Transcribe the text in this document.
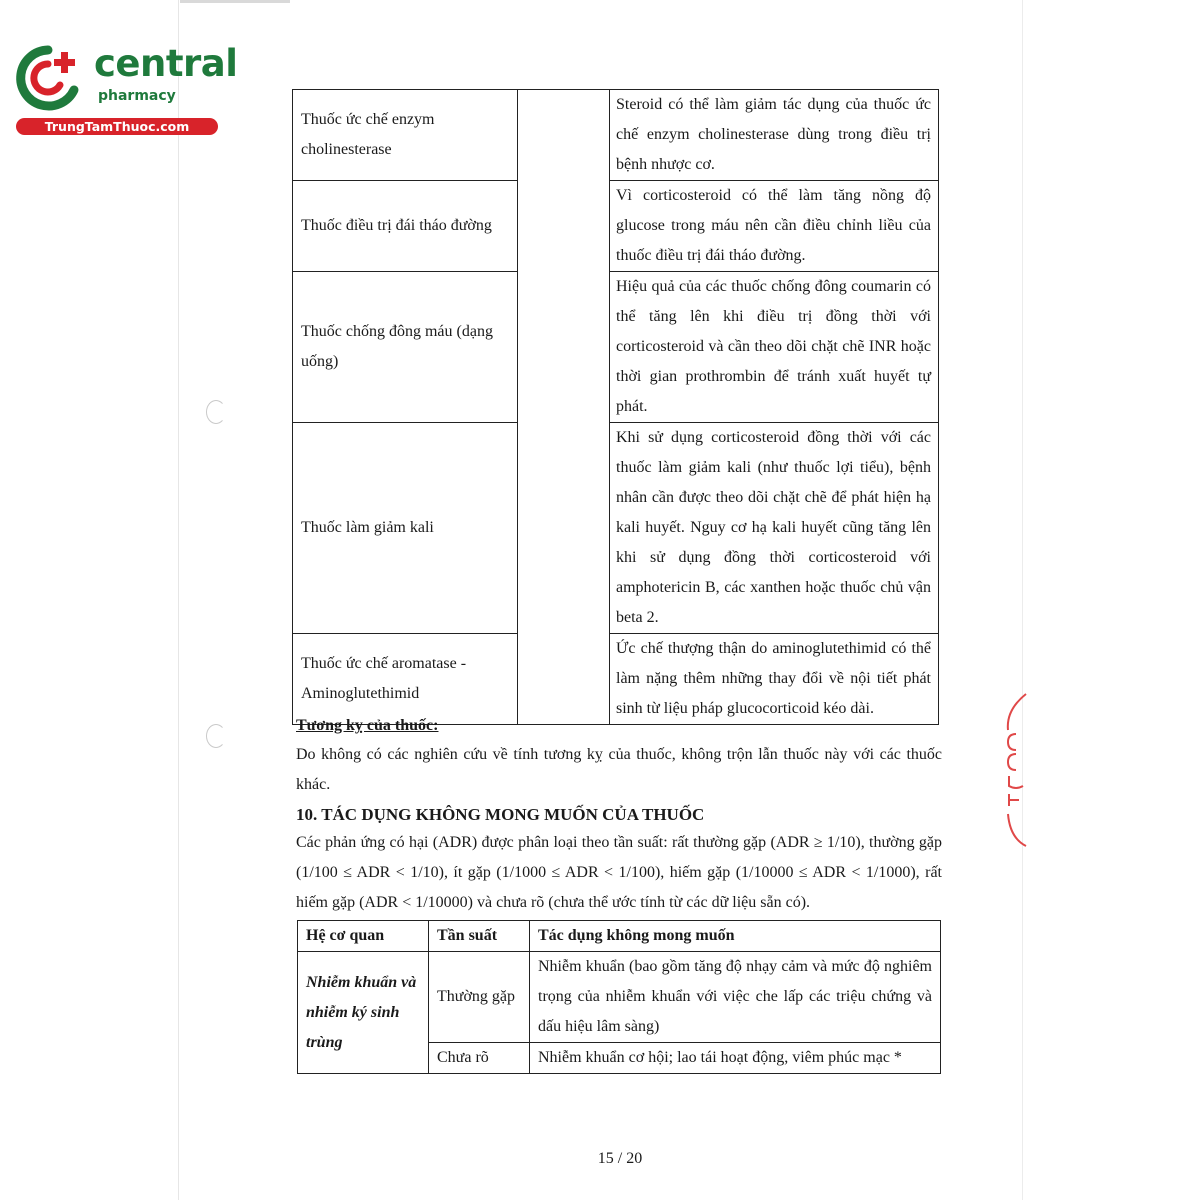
central
pharmacy
TrungTamThuoc.com	Thuốc ức chế enzym cholinesterase		Steroid có thể làm giảm tác dụng của thuốc ức chế enzym cholinesterase dùng trong điều trị bệnh nhược cơ.
Thuốc điều trị đái tháo đường		Vì corticosteroid có thể làm tăng nồng độ glucose trong máu nên cần điều chỉnh liều của thuốc điều trị đái tháo đường.
Thuốc chống đông máu (dạng uống)		Hiệu quả của các thuốc chống đông coumarin có thể tăng lên khi điều trị đồng thời với corticosteroid và cần theo dõi chặt chẽ INR hoặc thời gian prothrombin để tránh xuất huyết tự phát.
Thuốc làm giảm kali		Khi sử dụng corticosteroid đồng thời với các thuốc làm giảm kali (như thuốc lợi tiểu), bệnh nhân cần được theo dõi chặt chẽ để phát hiện hạ kali huyết. Nguy cơ hạ kali huyết cũng tăng lên khi sử dụng đồng thời corticosteroid với amphotericin B, các xanthen hoặc thuốc chủ vận beta 2.
Thuốc ức chế aromatase - Aminoglutethimid		Ức chế thượng thận do aminoglutethimid có thể làm nặng thêm những thay đổi về nội tiết phát sinh từ liệu pháp glucocorticoid kéo dài.
Tương kỵ của thuốc:
Do không có các nghiên cứu về tính tương kỵ của thuốc, không trộn lẫn thuốc này với các thuốc khác.
10. TÁC DỤNG KHÔNG MONG MUỐN CỦA THUỐC
Các phản ứng có hại (ADR) được phân loại theo tần suất: rất thường gặp (ADR ≥ 1/10), thường gặp (1/100 ≤ ADR < 1/10), ít gặp (1/1000 ≤ ADR < 1/100), hiếm gặp (1/10000 ≤ ADR < 1/1000), rất hiếm gặp (ADR < 1/10000) và chưa rõ (chưa thể ước tính từ các dữ liệu sẵn có).
Hệ cơ quan	Tần suất	Tác dụng không mong muốn
Nhiễm khuẩn và nhiễm ký sinh trùng	Thường gặp	Nhiễm khuẩn (bao gồm tăng độ nhạy cảm và mức độ nghiêm trọng của nhiễm khuẩn với việc che lấp các triệu chứng và dấu hiệu lâm sàng)
	Chưa rõ	Nhiễm khuẩn cơ hội; lao tái hoạt động, viêm phúc mạc *
15 / 20
